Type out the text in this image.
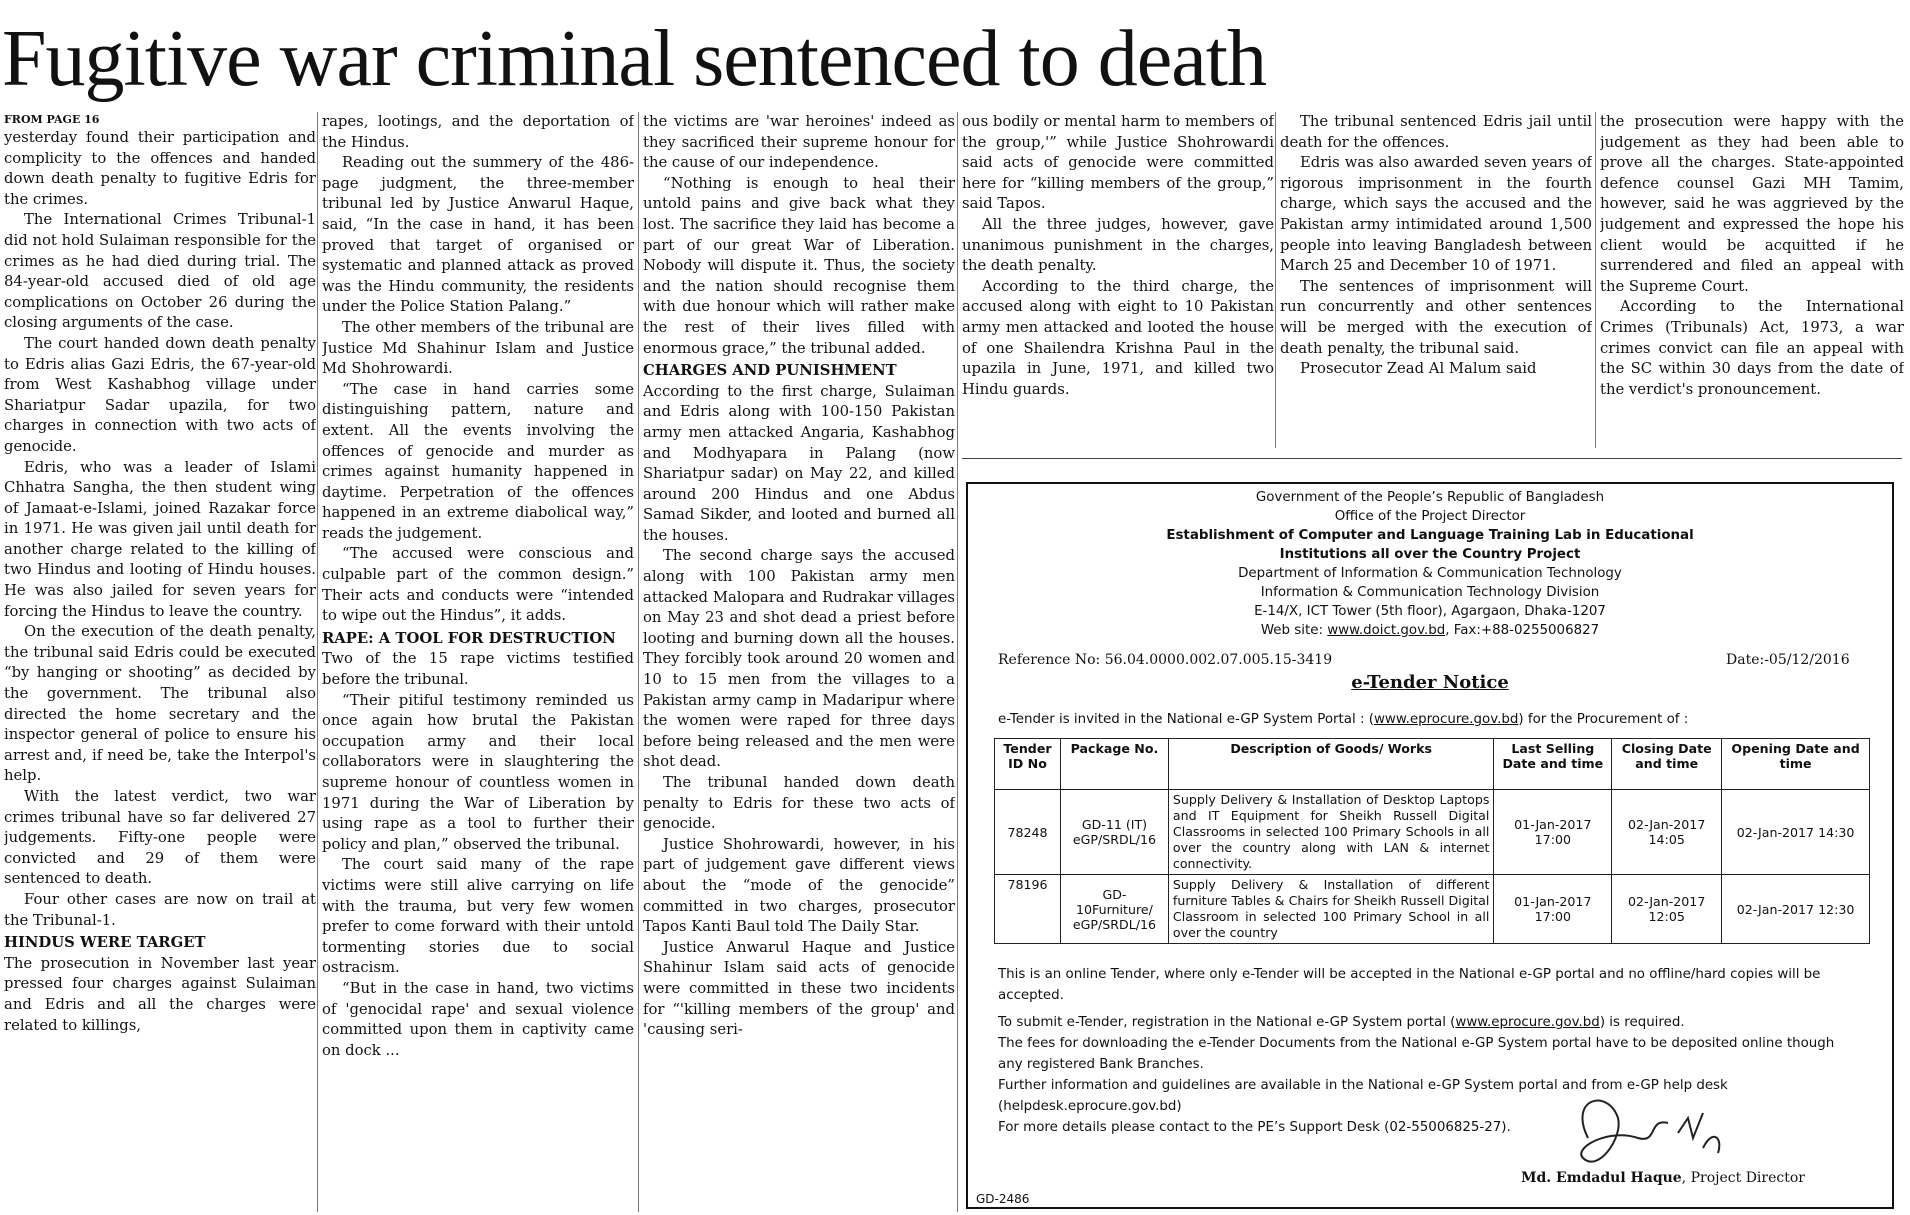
Fugitive war criminal sentenced to death
FROM PAGE 16

yesterday found their participation and complicity to the offences and handed down death penalty to fugitive Edris for the crimes.

The International Crimes Tribunal-1 did not hold Sulaiman responsible for the crimes as he had died during trial. The 84-year-old accused died of old age complications on October 26 during the closing arguments of the case.

The court handed down death penalty to Edris alias Gazi Edris, the 67-year-old from West Kashabhog village under Shariatpur Sadar upazila, for two charges in connection with two acts of genocide.

Edris, who was a leader of Islami Chhatra Sangha, the then student wing of Jamaat-e-Islami, joined Razakar force in 1971. He was given jail until death for another charge related to the killing of two Hindus and looting of Hindu houses. He was also jailed for seven years for forcing the Hindus to leave the country.

On the execution of the death penalty, the tribunal said Edris could be executed “by hanging or shooting” as decided by the government. The tribunal also directed the home secretary and the inspector general of police to ensure his arrest and, if need be, take the Interpol's help.

With the latest verdict, two war crimes tribunal have so far delivered 27 judgements. Fifty-one people were convicted and 29 of them were sentenced to death.

Four other cases are now on trail at the Tribunal-1.

HINDUS WERE TARGET

The prosecution in November last year pressed four charges against Sulaiman and Edris and all the charges were related to killings,

rapes, lootings, and the deportation of the Hindus.

Reading out the summery of the 486-page judgment, the three-member tribunal led by Justice Anwarul Haque, said, “In the case in hand, it has been proved that target of organised or systematic and planned attack as proved was the Hindu community, the residents under the Police Station Palang.”

The other members of the tribunal are Justice Md Shahinur Islam and Justice Md Shohrowardi.

“The case in hand carries some distinguishing pattern, nature and extent. All the events involving the offences of genocide and murder as crimes against humanity happened in daytime. Perpetration of the offences happened in an extreme diabolical way,” reads the judgement.

“The accused were conscious and culpable part of the common design.” Their acts and conducts were “intended to wipe out the Hindus”, it adds.

RAPE: A TOOL FOR DESTRUCTION

Two of the 15 rape victims testified before the tribunal.

“Their pitiful testimony reminded us once again how brutal the Pakistan occupation army and their local collaborators were in slaughtering the supreme honour of countless women in 1971 during the War of Liberation by using rape as a tool to further their policy and plan,” observed the tribunal.

The court said many of the rape victims were still alive carrying on life with the trauma, but very few women prefer to come forward with their untold tormenting stories due to social ostracism.

“But in the case in hand, two victims of 'genocidal rape' and sexual violence committed upon them in captivity came on dock ...

the victims are 'war heroines' indeed as they sacrificed their supreme honour for the cause of our independence.

“Nothing is enough to heal their untold pains and give back what they lost. The sacrifice they laid has become a part of our great War of Liberation. Nobody will dispute it. Thus, the society and the nation should recognise them with due honour which will rather make the rest of their lives filled with enormous grace,” the tribunal added.

CHARGES AND PUNISHMENT

According to the first charge, Sulaiman and Edris along with 100-150 Pakistan army men attacked Angaria, Kashabhog and Modhyapara in Palang (now Shariatpur sadar) on May 22, and killed around 200 Hindus and one Abdus Samad Sikder, and looted and burned all the houses.

The second charge says the accused along with 100 Pakistan army men attacked Malopara and Rudrakar villages on May 23 and shot dead a priest before looting and burning down all the houses. They forcibly took around 20 women and 10 to 15 men from the villages to a Pakistan army camp in Madaripur where the women were raped for three days before being released and the men were shot dead.

The tribunal handed down death penalty to Edris for these two acts of genocide.

Justice Shohrowardi, however, in his part of judgement gave different views about the “mode of the genocide” committed in two charges, prosecutor Tapos Kanti Baul told The Daily Star.

Justice Anwarul Haque and Justice Shahinur Islam said acts of genocide were committed in these two incidents for “'killing members of the group' and 'causing seri-

ous bodily or mental harm to members of the group,'” while Justice Shohrowardi said acts of genocide were committed here for “killing members of the group,” said Tapos.

All the three judges, however, gave unanimous punishment in the charges, the death penalty.

According to the third charge, the accused along with eight to 10 Pakistan army men attacked and looted the house of one Shailendra Krishna Paul in the upazila in June, 1971, and killed two Hindu guards.

The tribunal sentenced Edris jail until death for the offences.

Edris was also awarded seven years of rigorous imprisonment in the fourth charge, which says the accused and the Pakistan army intimidated around 1,500 people into leaving Bangladesh between March 25 and December 10 of 1971.

The sentences of imprisonment will run concurrently and other sentences will be merged with the execution of death penalty, the tribunal said.

Prosecutor Zead Al Malum said

the prosecution were happy with the judgement as they had been able to prove all the charges. State-appointed defence counsel Gazi MH Tamim, however, said he was aggrieved by the judgement and expressed the hope his client would be acquitted if he surrendered and filed an appeal with the Supreme Court.

According to the International Crimes (Tribunals) Act, 1973, a war crimes convict can file an appeal with the SC within 30 days from the date of the verdict's pronouncement.

Government of the People’s Republic of Bangladesh
Office of the Project Director
Establishment of Computer and Language Training Lab in Educational
Institutions all over the Country Project
Department of Information & Communication Technology
Information & Communication Technology Division
E-14/X, ICT Tower (5th floor), Agargaon, Dhaka-1207
Web site: www.doict.gov.bd, Fax:+88-0255006827
Reference No: 56.04.0000.002.07.005.15-3419	Date:-05/12/2016
e-Tender Notice
e-Tender is invited in the National e-GP System Portal : (www.eprocure.gov.bd) for the Procurement of :
Tender ID No	Package No.	Description of Goods/ Works	Last Selling Date and time	Closing Date and time	Opening Date and time
78248	GD-11 (IT) eGP/SRDL/16	Supply Delivery & Installation of Desktop Laptops and IT Equipment for Sheikh Russell Digital Classrooms in selected 100 Primary Schools in all over the country along with LAN & internet connectivity.	01-Jan-2017 17:00	02-Jan-2017 14:05	02-Jan-2017 14:30
78196	GD-10Furniture/ eGP/SRDL/16	Supply Delivery & Installation of different furniture Tables & Chairs for Sheikh Russell Digital Classroom in selected 100 Primary School in all over the country	01-Jan-2017 17:00	02-Jan-2017 12:05	02-Jan-2017 12:30

This is an online Tender, where only e-Tender will be accepted in the National e-GP portal and no offline/hard copies will be accepted.

To submit e-Tender, registration in the National e-GP System portal (www.eprocure.gov.bd) is required.

The fees for downloading the e-Tender Documents from the National e-GP System portal have to be deposited online though any registered Bank Branches.

Further information and guidelines are available in the National e-GP System portal and from e-GP help desk (helpdesk.eprocure.gov.bd)

For more details please contact to the PE’s Support Desk (02-55006825-27).

Md. Emdadul Haque, Project Director
GD-2486
